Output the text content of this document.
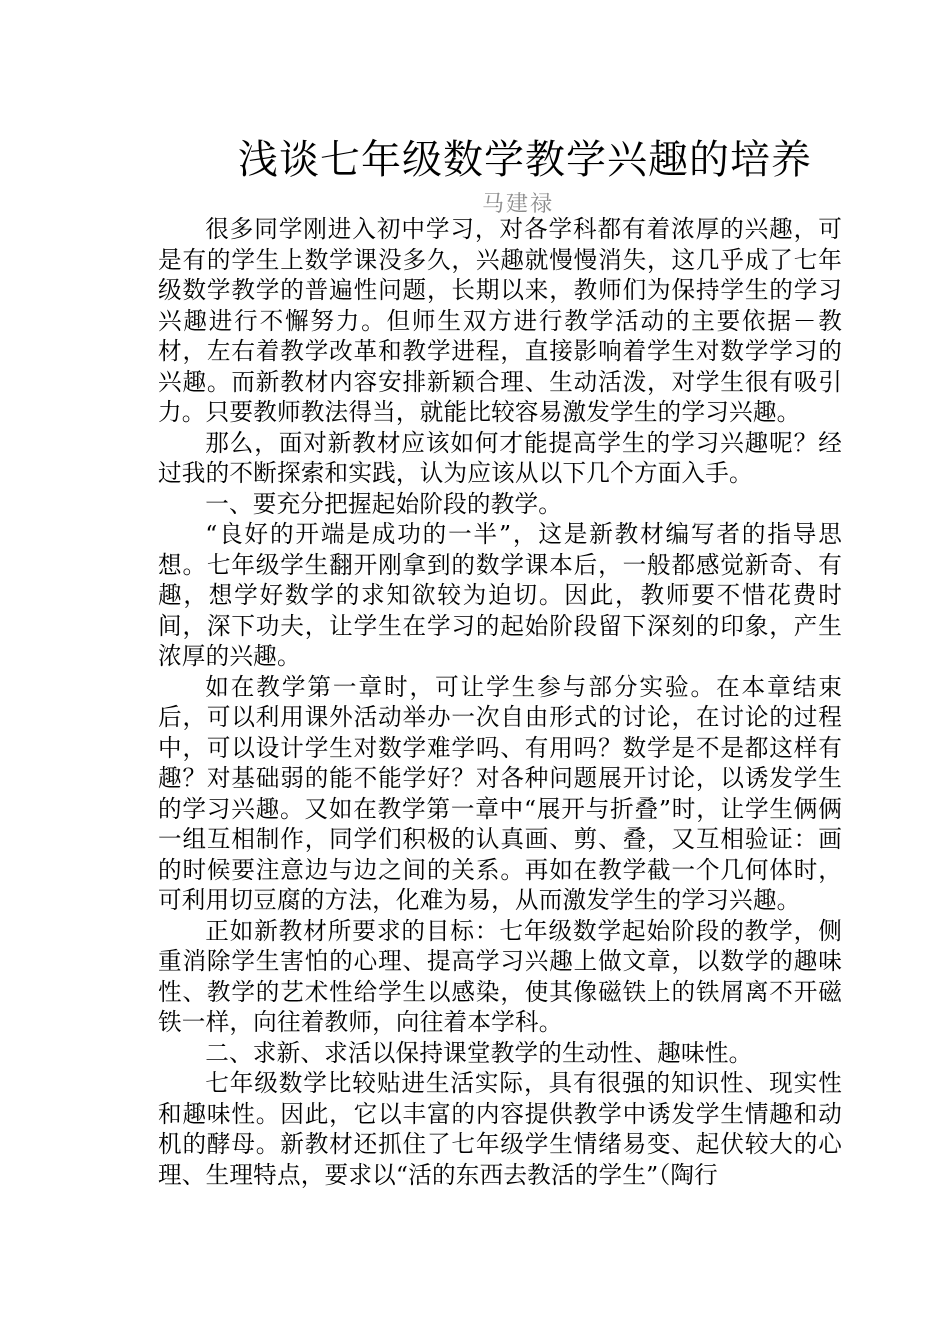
浅谈七年级数学教学兴趣的培养
马建禄

很多同学刚进入初中学习，对各学科都有着浓厚的兴趣，可是有的学生上数学课没多久，兴趣就慢慢消失，这几乎成了七年级数学教学的普遍性问题，长期以来，教师们为保持学生的学习兴趣进行不懈努力。但师生双方进行教学活动的主要依据－教材，左右着教学改革和教学进程，直接影响着学生对数学学习的兴趣。而新教材内容安排新颖合理、生动活泼，对学生很有吸引力。只要教师教法得当，就能比较容易激发学生的学习兴趣。

那么，面对新教材应该如何才能提高学生的学习兴趣呢？经过我的不断探索和实践，认为应该从以下几个方面入手。

一、要充分把握起始阶段的教学。

“良好的开端是成功的一半”，这是新教材编写者的指导思想。七年级学生翻开刚拿到的数学课本后，一般都感觉新奇、有趣，想学好数学的求知欲较为迫切。因此，教师要不惜花费时间，深下功夫，让学生在学习的起始阶段留下深刻的印象，产生浓厚的兴趣。

如在教学第一章时，可让学生参与部分实验。在本章结束后，可以利用课外活动举办一次自由形式的讨论，在讨论的过程中，可以设计学生对数学难学吗、有用吗？数学是不是都这样有趣？对基础弱的能不能学好？对各种问题展开讨论，以诱发学生的学习兴趣。又如在教学第一章中“展开与折叠”时，让学生俩俩一组互相制作，同学们积极的认真画、剪、叠，又互相验证：画的时候要注意边与边之间的关系。再如在教学截一个几何体时，可利用切豆腐的方法，化难为易，从而激发学生的学习兴趣。

正如新教材所要求的目标：七年级数学起始阶段的教学，侧重消除学生害怕的心理、提高学习兴趣上做文章，以数学的趣味性、教学的艺术性给学生以感染，使其像磁铁上的铁屑离不开磁铁一样，向往着教师，向往着本学科。

二、求新、求活以保持课堂教学的生动性、趣味性。

七年级数学比较贴进生活实际，具有很强的知识性、现实性和趣味性。因此，它以丰富的内容提供教学中诱发学生情趣和动机的酵母。新教材还抓住了七年级学生情绪易变、起伏较大的心理、生理特点，要求以“活的东西去教活的学生”（陶行
